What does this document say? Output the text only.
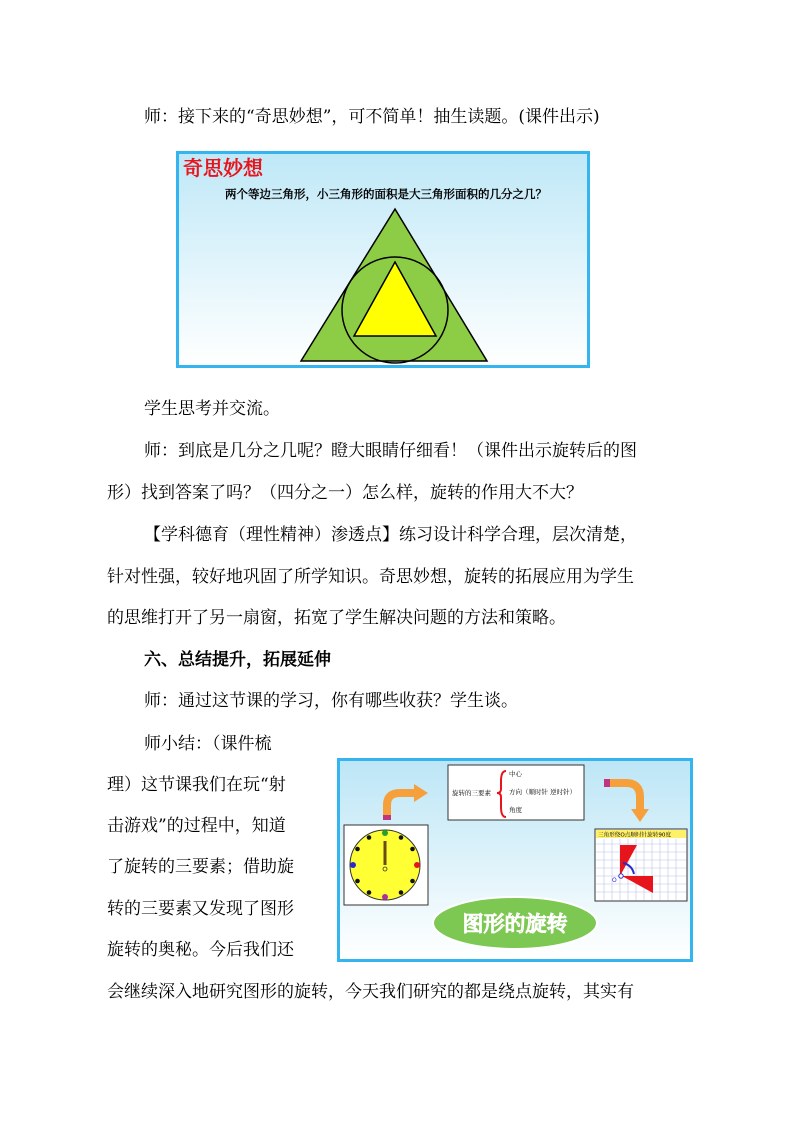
师：接下来的“奇思妙想”，可不简单！抽生读题。(课件出示)
奇思妙想
两个等边三角形，小三角形的面积是大三角形面积的几分之几？
学生思考并交流。
师：到底是几分之几呢？瞪大眼睛仔细看！（课件出示旋转后的图
形）找到答案了吗？（四分之一）怎么样，旋转的作用大不大？
【学科德育（理性精神）渗透点】练习设计科学合理，层次清楚，
针对性强，较好地巩固了所学知识。奇思妙想，旋转的拓展应用为学生
的思维打开了另一扇窗，拓宽了学生解决问题的方法和策略。
六、总结提升，拓展延伸
师：通过这节课的学习，你有哪些收获？学生谈。
师小结：（课件梳
理）这节课我们在玩“射
击游戏”的过程中，知道
了旋转的三要素；借助旋
转的三要素又发现了图形
旋转的奥秘。今后我们还
旋转的三要素
中心
方向（顺时针 逆时针）
角度
三角形绕O点顺时针旋转90度
O
图形的旋转
会继续深入地研究图形的旋转，今天我们研究的都是绕点旋转，其实有
